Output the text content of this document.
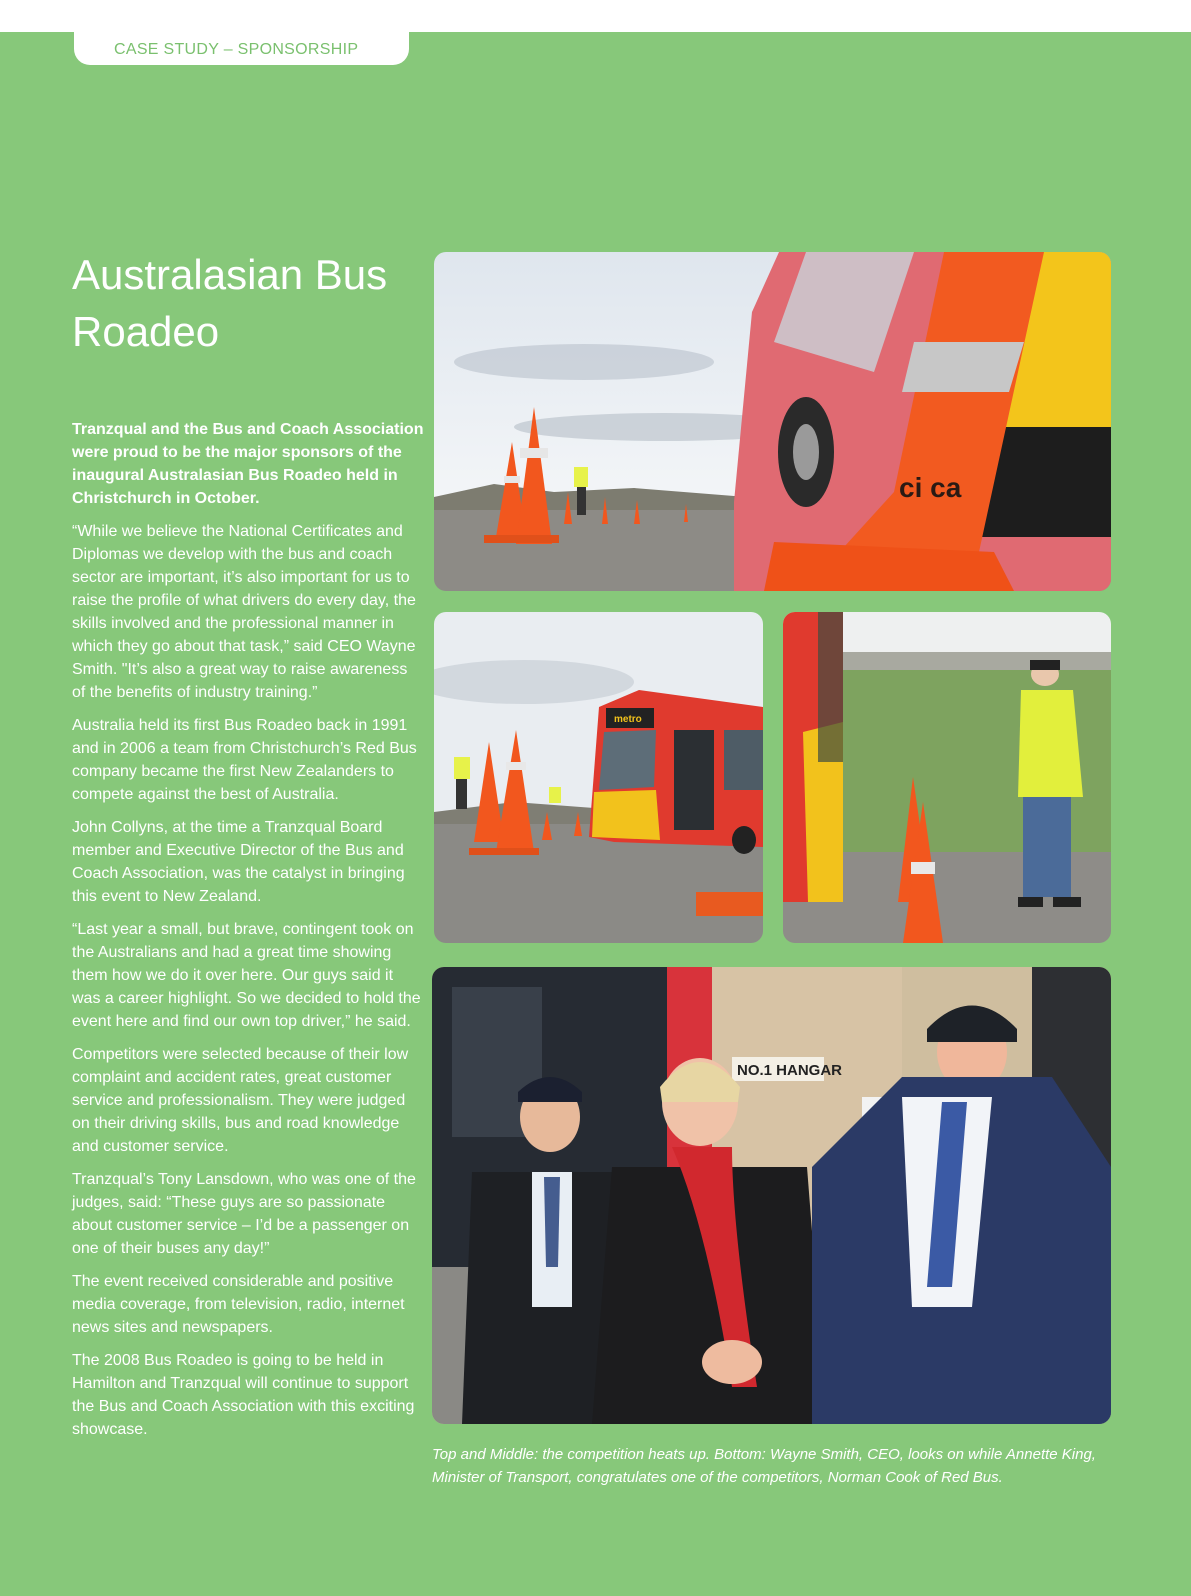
CASE STUDY – SPONSORSHIP
Australasian Bus Roadeo

Tranzqual and the Bus and Coach Association were proud to be the major sponsors of the inaugural Australasian Bus Roadeo held in Christchurch in October.

“While we believe the National Certificates and Diplomas we develop with the bus and coach sector are important, it’s also important for us to raise the profile of what drivers do every day, the skills involved and the professional manner in which they go about that task,” said CEO Wayne Smith. "It’s also a great way to raise awareness of the benefits of industry training.”

Australia held its first Bus Roadeo back in 1991 and in 2006 a team from Christchurch’s Red Bus company became the first New Zealanders to compete against the best of Australia.

John Collyns, at the time a Tranzqual Board member and Executive Director of the Bus and Coach Association, was the catalyst in bringing this event to New Zealand.

“Last year a small, but brave, contingent took on the Australians and had a great time showing them how we do it over here. Our guys said it was a career highlight. So we decided to hold the event here and find our own top driver,” he said.

Competitors were selected because of their low complaint and accident rates, great customer service and professionalism. They were judged on their driving skills, bus and road knowledge and customer service.

Tranzqual’s Tony Lansdown, who was one of the judges, said: “These guys are so passionate about customer service – I’d be a passenger on one of their buses any day!”

The event received considerable and positive media coverage, from television, radio, internet news sites and newspapers.

The 2008 Bus Roadeo is going to be held in Hamilton and Tranzqual will continue to support the Bus and Coach Association with this exciting showcase.

ci ca
metro
NO.1 HANGAR
Top and Middle: the competition heats up. Bottom: Wayne Smith, CEO, looks on while Annette King, Minister of Transport, congratulates one of the competitors, Norman Cook of Red Bus.
